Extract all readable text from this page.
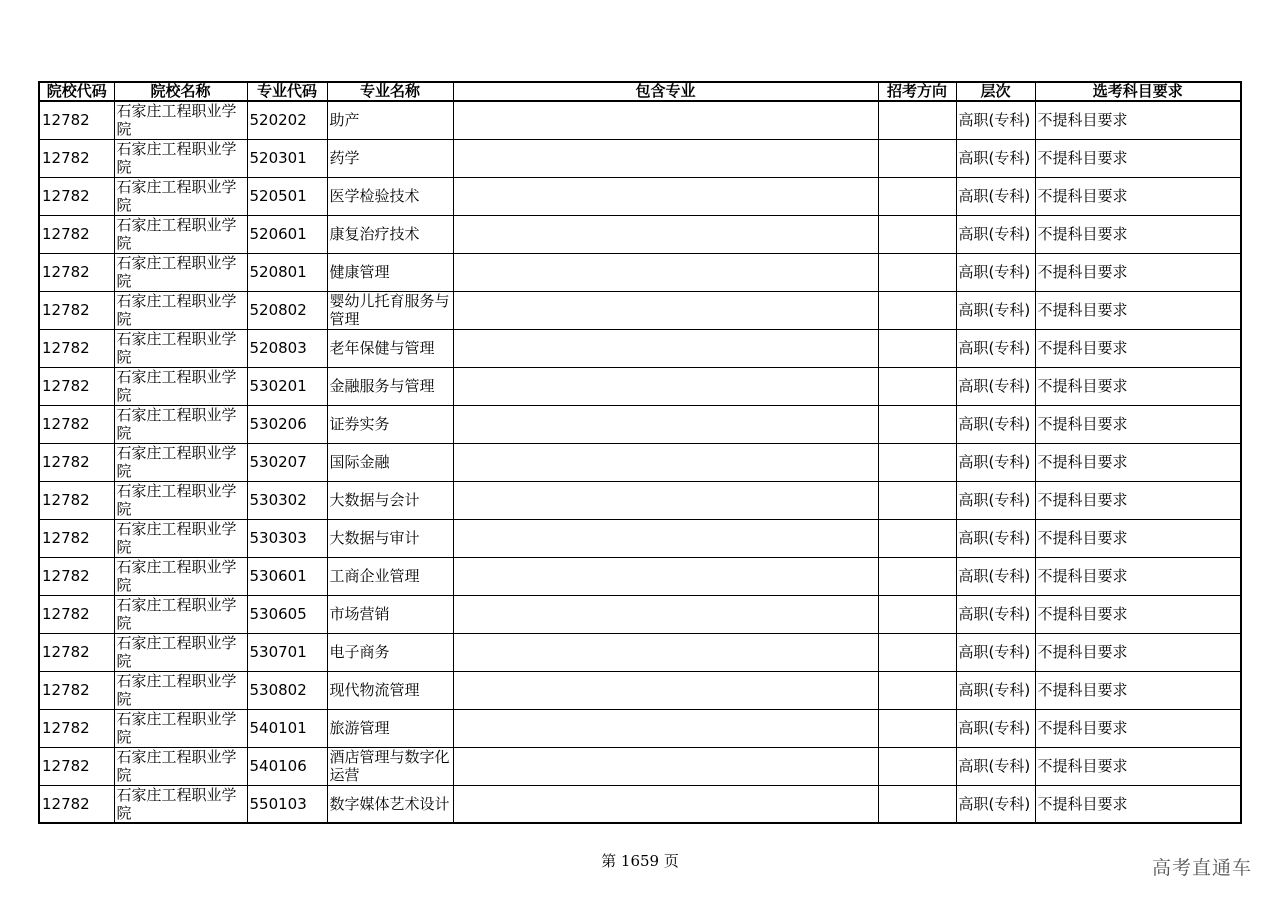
院校代码	院校名称	专业代码	专业名称	包含专业	招考方向	层次	选考科目要求

12782	石家庄工程职业学院	520202	助产			高职(专科)	不提科目要求

12782	石家庄工程职业学院	520301	药学			高职(专科)	不提科目要求

12782	石家庄工程职业学院	520501	医学检验技术			高职(专科)	不提科目要求

12782	石家庄工程职业学院	520601	康复治疗技术			高职(专科)	不提科目要求

12782	石家庄工程职业学院	520801	健康管理			高职(专科)	不提科目要求

12782	石家庄工程职业学院	520802	婴幼儿托育服务与管理			高职(专科)	不提科目要求

12782	石家庄工程职业学院	520803	老年保健与管理			高职(专科)	不提科目要求

12782	石家庄工程职业学院	530201	金融服务与管理			高职(专科)	不提科目要求

12782	石家庄工程职业学院	530206	证券实务			高职(专科)	不提科目要求

12782	石家庄工程职业学院	530207	国际金融			高职(专科)	不提科目要求

12782	石家庄工程职业学院	530302	大数据与会计			高职(专科)	不提科目要求

12782	石家庄工程职业学院	530303	大数据与审计			高职(专科)	不提科目要求

12782	石家庄工程职业学院	530601	工商企业管理			高职(专科)	不提科目要求

12782	石家庄工程职业学院	530605	市场营销			高职(专科)	不提科目要求

12782	石家庄工程职业学院	530701	电子商务			高职(专科)	不提科目要求

12782	石家庄工程职业学院	530802	现代物流管理			高职(专科)	不提科目要求

12782	石家庄工程职业学院	540101	旅游管理			高职(专科)	不提科目要求

12782	石家庄工程职业学院	540106	酒店管理与数字化运营			高职(专科)	不提科目要求

12782	石家庄工程职业学院	550103	数字媒体艺术设计			高职(专科)	不提科目要求
第 1659 页	高考直通车
